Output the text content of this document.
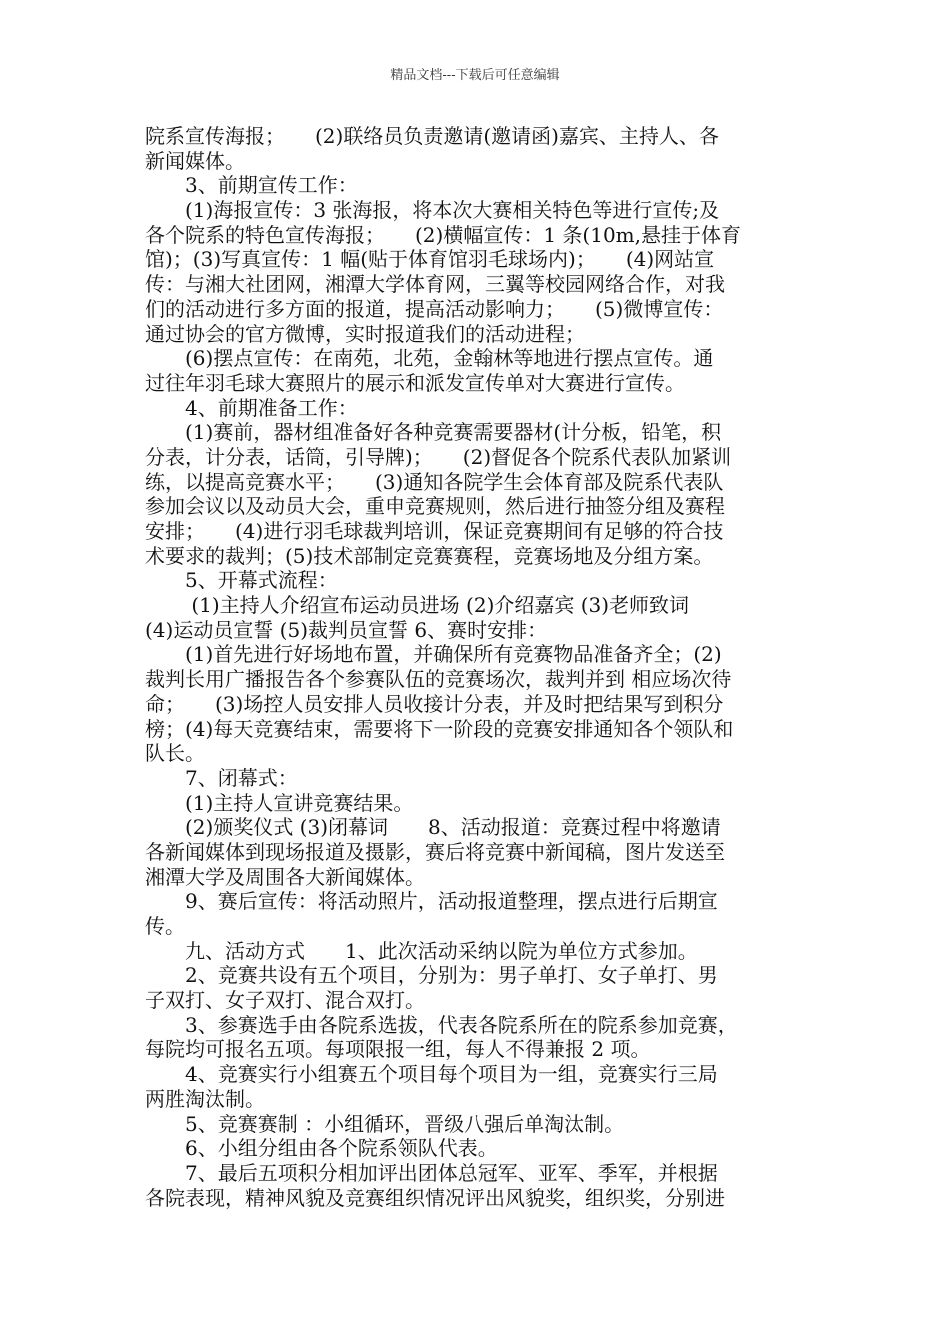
精品文档---下载后可任意编辑
院系宣传海报；　　(2)联络员负责邀请(邀请函)嘉宾、主持人、各
新闻媒体。
　　3、前期宣传工作：
　　(1)海报宣传：3 张海报，将本次大赛相关特色等进行宣传;及
各个院系的特色宣传海报；　　(2)横幅宣传：1 条(10m,悬挂于体育
馆)；(3)写真宣传：1 幅(贴于体育馆羽毛球场内)；　　(4)网站宣
传：与湘大社团网，湘潭大学体育网，三翼等校园网络合作，对我
们的活动进行多方面的报道，提高活动影响力；　　(5)微博宣传：
通过协会的官方微博，实时报道我们的活动进程；
　　(6)摆点宣传：在南苑，北苑，金翰林等地进行摆点宣传。通
过往年羽毛球大赛照片的展示和派发宣传单对大赛进行宣传。
　　4、前期准备工作：
　　(1)赛前，器材组准备好各种竞赛需要器材(计分板，铅笔，积
分表，计分表，话筒，引导牌)；　　(2)督促各个院系代表队加紧训
练，以提高竞赛水平；　　(3)通知各院学生会体育部及院系代表队
参加会议以及动员大会，重申竞赛规则，然后进行抽签分组及赛程
安排；　　(4)进行羽毛球裁判培训，保证竞赛期间有足够的符合技
术要求的裁判；(5)技术部制定竞赛赛程，竞赛场地及分组方案。
　　5、开幕式流程：
　　 (1)主持人介绍宣布运动员进场 (2)介绍嘉宾 (3)老师致词
(4)运动员宣誓 (5)裁判员宣誓 6、赛时安排：
　　(1)首先进行好场地布置，并确保所有竞赛物品准备齐全；(2)
裁判长用广播报告各个参赛队伍的竞赛场次，裁判并到 相应场次待
命；　　(3)场控人员安排人员收接计分表，并及时把结果写到积分
榜；(4)每天竞赛结束，需要将下一阶段的竞赛安排通知各个领队和
队长。
　　7、闭幕式：
　　(1)主持人宣讲竞赛结果。
　　(2)颁奖仪式 (3)闭幕词　　8、活动报道：竞赛过程中将邀请
各新闻媒体到现场报道及摄影，赛后将竞赛中新闻稿，图片发送至
湘潭大学及周围各大新闻媒体。
　　9、赛后宣传：将活动照片，活动报道整理，摆点进行后期宣
传。
　　九、活动方式　　1、此次活动采纳以院为单位方式参加。
　　2、竞赛共设有五个项目，分别为：男子单打、女子单打、男
子双打、女子双打、混合双打。
　　3、参赛选手由各院系选拔，代表各院系所在的院系参加竞赛，
每院均可报名五项。每项限报一组，每人不得兼报 2 项。
　　4、竞赛实行小组赛五个项目每个项目为一组，竞赛实行三局
两胜淘汰制。
　　5、竞赛赛制 ：小组循环，晋级八强后单淘汰制。
　　6、小组分组由各个院系领队代表。
　　7、最后五项积分相加评出团体总冠军、亚军、季军，并根据
各院表现，精神风貌及竞赛组织情况评出风貌奖，组织奖，分别进
